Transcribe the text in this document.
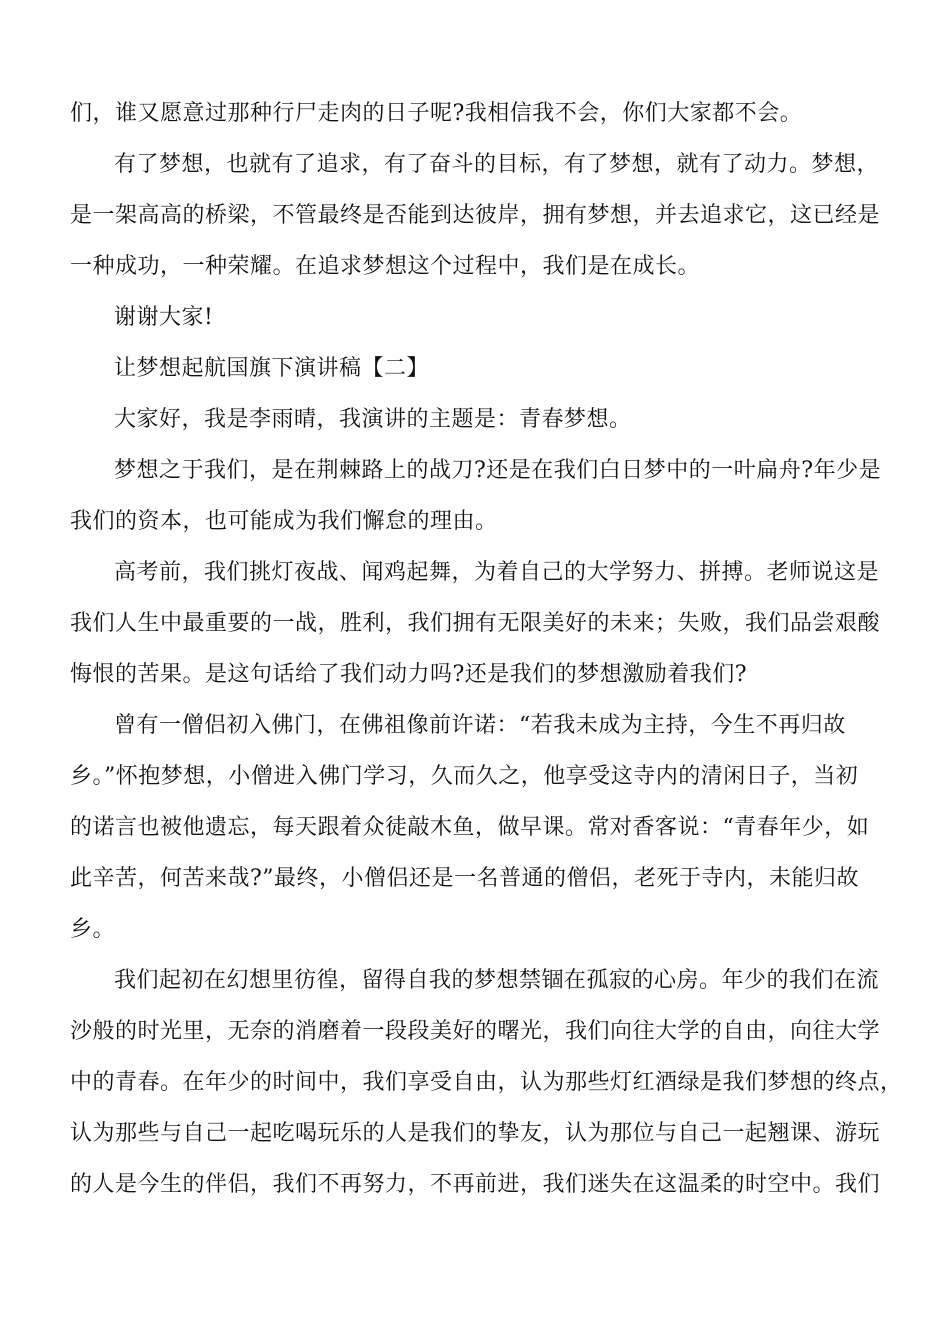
们，谁又愿意过那种行尸走肉的日子呢?我相信我不会，你们大家都不会。

有了梦想，也就有了追求，有了奋斗的目标，有了梦想，就有了动力。梦想，
是一架高高的桥梁，不管最终是否能到达彼岸，拥有梦想，并去追求它，这已经是
一种成功，一种荣耀。在追求梦想这个过程中，我们是在成长。

谢谢大家!

让梦想起航国旗下演讲稿【二】

大家好，我是李雨晴，我演讲的主题是：青春梦想。

梦想之于我们，是在荆棘路上的战刀?还是在我们白日梦中的一叶扁舟?年少是
我们的资本，也可能成为我们懈怠的理由。

高考前，我们挑灯夜战、闻鸡起舞，为着自己的大学努力、拼搏。老师说这是
我们人生中最重要的一战，胜利，我们拥有无限美好的未来；失败，我们品尝艰酸
悔恨的苦果。是这句话给了我们动力吗?还是我们的梦想激励着我们?

曾有一僧侣初入佛门，在佛祖像前许诺：“若我未成为主持，今生不再归故
乡。”怀抱梦想，小僧进入佛门学习，久而久之，他享受这寺内的清闲日子，当初
的诺言也被他遗忘，每天跟着众徒敲木鱼，做早课。常对香客说：“青春年少，如
此辛苦，何苦来哉?”最终，小僧侣还是一名普通的僧侣，老死于寺内，未能归故
乡。

我们起初在幻想里彷徨，留得自我的梦想禁锢在孤寂的心房。年少的我们在流
沙般的时光里，无奈的消磨着一段段美好的曙光，我们向往大学的自由，向往大学
中的青春。在年少的时间中，我们享受自由，认为那些灯红酒绿是我们梦想的终点，
认为那些与自己一起吃喝玩乐的人是我们的挚友，认为那位与自己一起翘课、游玩
的人是今生的伴侣，我们不再努力，不再前进，我们迷失在这温柔的时空中。我们
